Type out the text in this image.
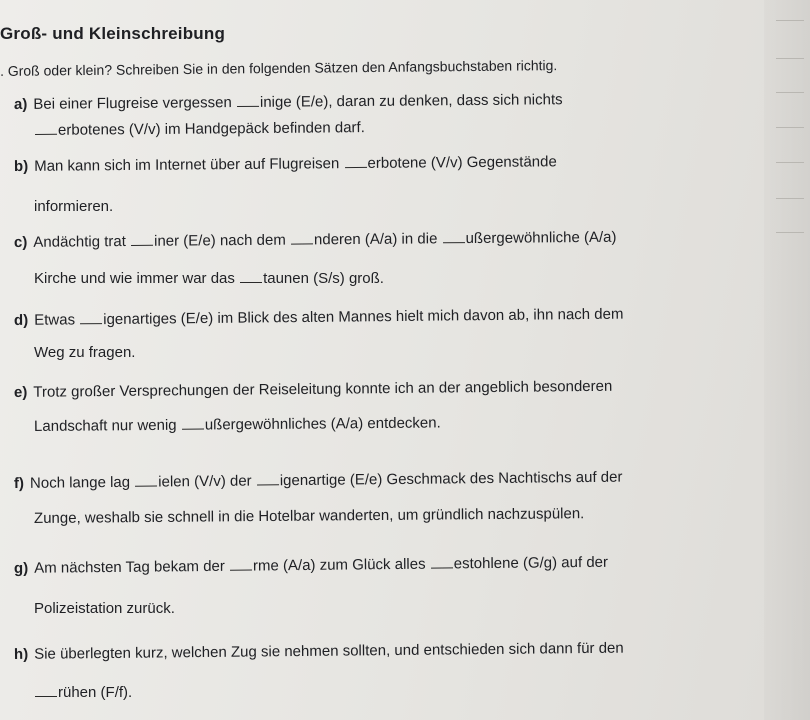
Groß- und Kleinschreibung
. Groß oder klein? Schreiben Sie in den folgenden Sätzen den Anfangsbuchstaben richtig.
a) Bei einer Flugreise vergessen inige (E/e), daran zu denken, dass sich nichts
erbotenes (V/v) im Handgepäck befinden darf.
b) Man kann sich im Internet über auf Flugreisen erbotene (V/v) Gegenstände
informieren.
c) Andächtig trat iner (E/e) nach dem nderen (A/a) in die ußergewöhnliche (A/a)
Kirche und wie immer war das taunen (S/s) groß.
d) Etwas igenartiges (E/e) im Blick des alten Mannes hielt mich davon ab, ihn nach dem
Weg zu fragen.
e) Trotz großer Versprechungen der Reiseleitung konnte ich an der angeblich besonderen
Landschaft nur wenig ußergewöhnliches (A/a) entdecken.
f) Noch lange lag ielen (V/v) der igenartige (E/e) Geschmack des Nachtischs auf der
Zunge, weshalb sie schnell in die Hotelbar wanderten, um gründlich nachzuspülen.
g) Am nächsten Tag bekam der rme (A/a) zum Glück alles estohlene (G/g) auf der
Polizeistation zurück.
h) Sie überlegten kurz, welchen Zug sie nehmen sollten, und entschieden sich dann für den
rühen (F/f).
